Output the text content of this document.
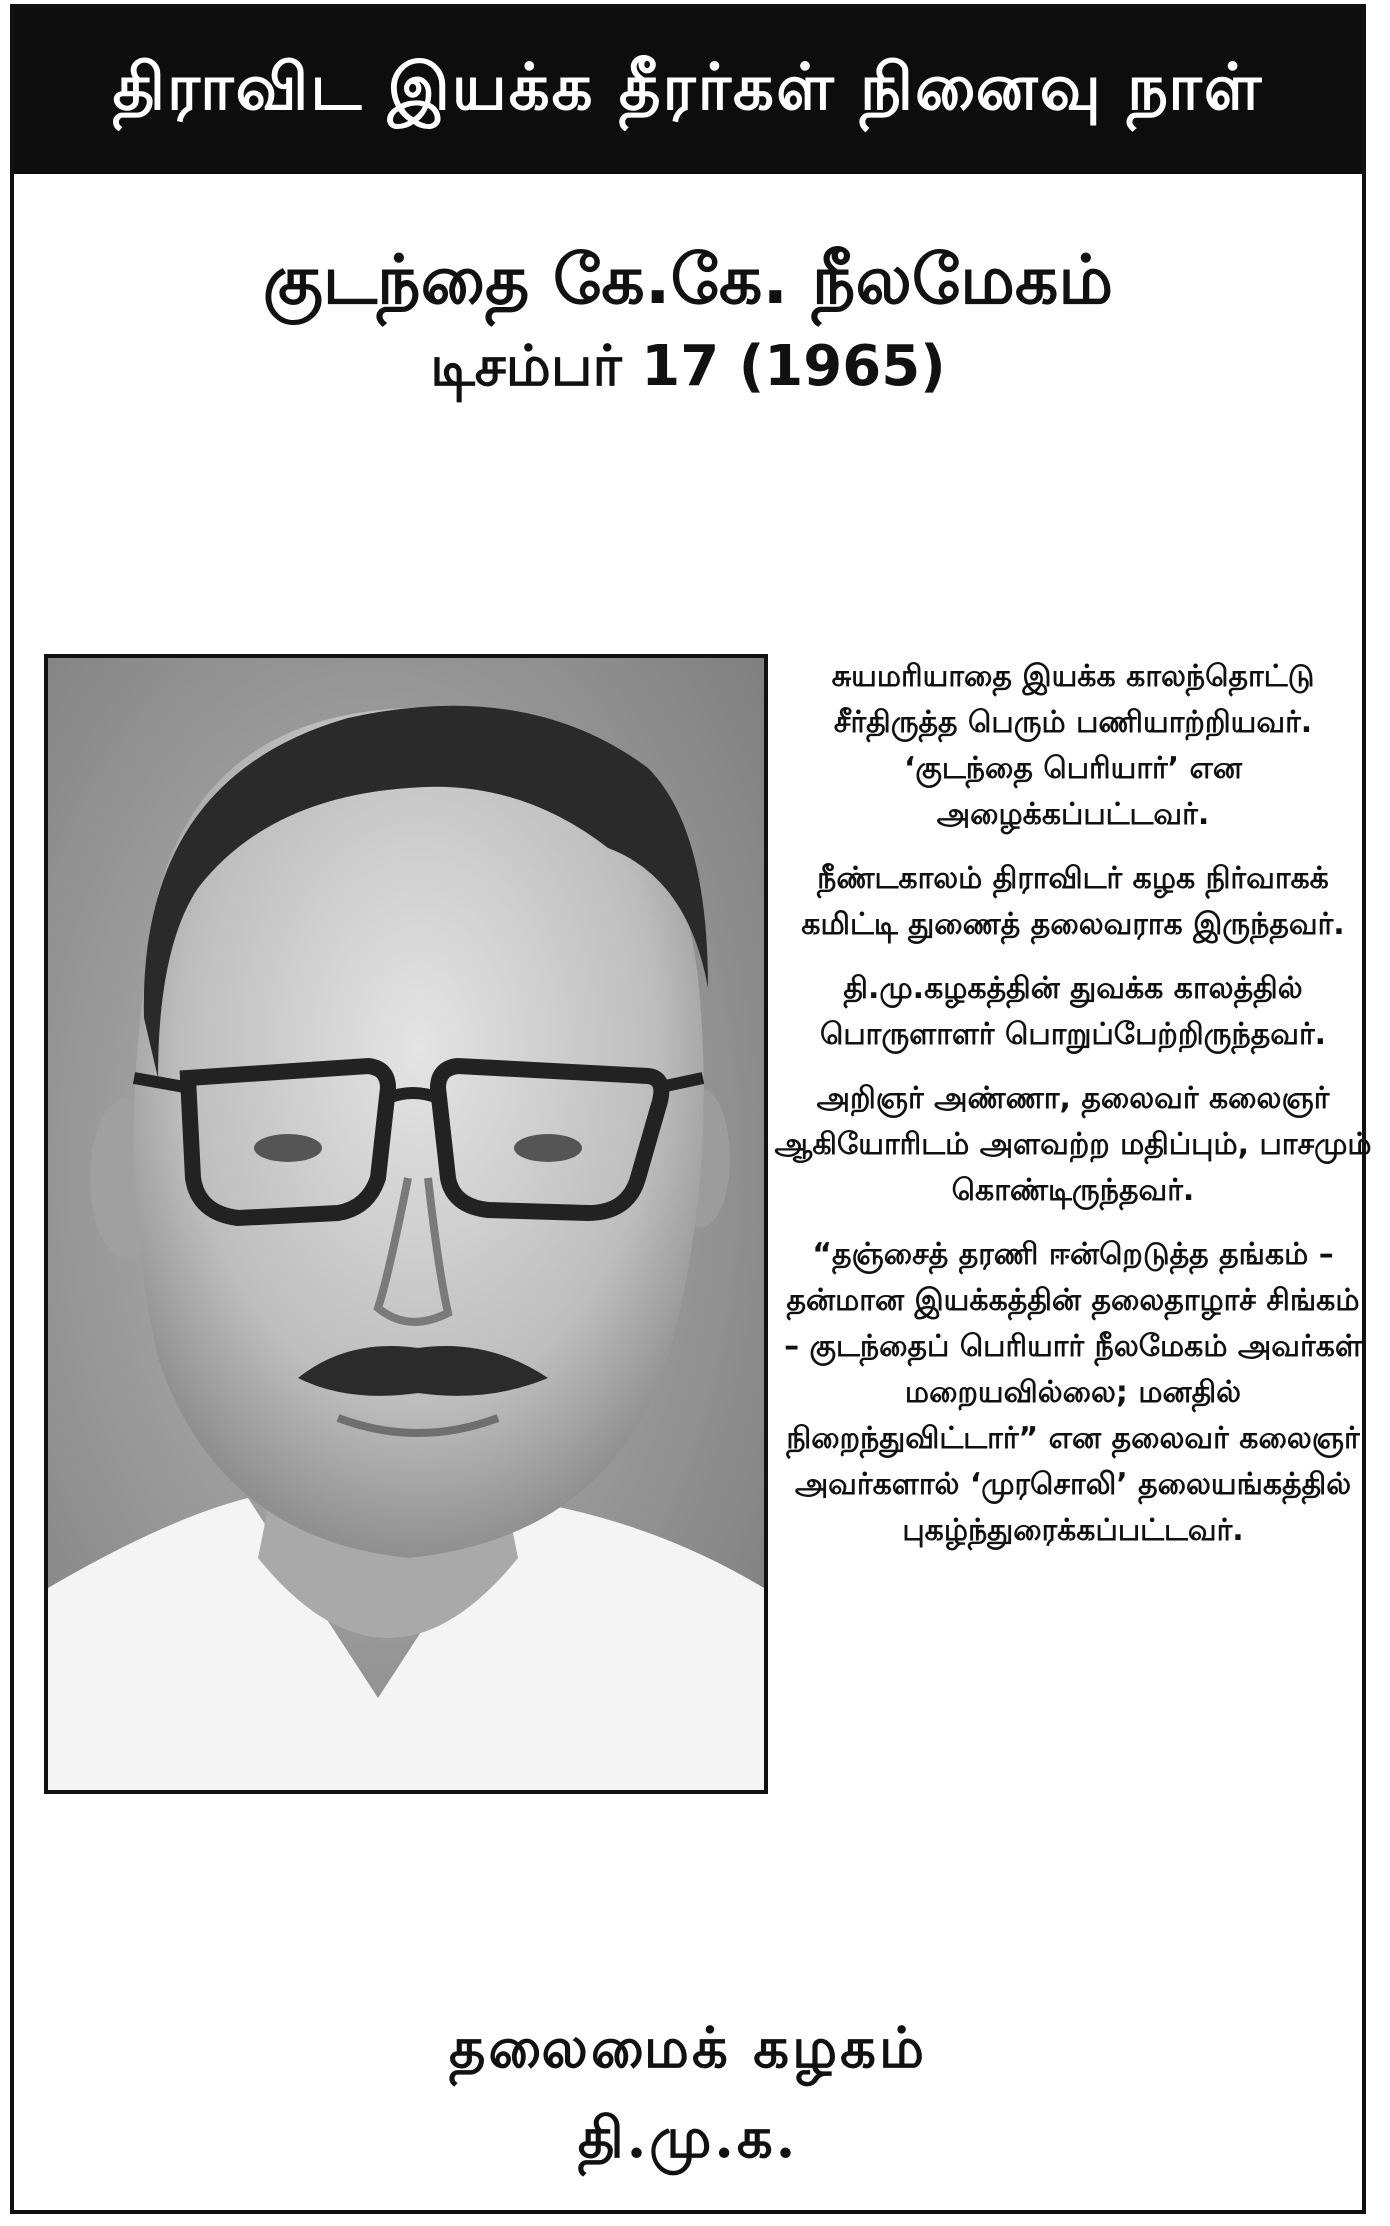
திராவிட இயக்க தீரர்கள் நினைவு நாள்
குடந்தை கே.கே. நீலமேகம்
டிசம்பர் 17 (1965)

சுயமரியாதை இயக்க காலந்தொட்டு சீர்திருத்த பெரும் பணியாற்றியவர். ‘குடந்தை பெரியார்’ என அழைக்கப்பட்டவர்.

நீண்டகாலம் திராவிடர் கழக நிர்வாகக் கமிட்டி துணைத் தலைவராக இருந்தவர்.

தி.மு.கழகத்தின் துவக்க காலத்தில் பொருளாளர் பொறுப்பேற்றிருந்தவர்.

அறிஞர் அண்ணா, தலைவர் கலைஞர் ஆகியோரிடம் அளவற்ற மதிப்பும், பாசமும் கொண்டிருந்தவர்.

“தஞ்சைத் தரணி ஈன்றெடுத்த தங்கம் – தன்மான இயக்கத்தின் தலைதாழாச் சிங்கம் – குடந்தைப் பெரியார் நீலமேகம் அவர்கள் மறையவில்லை; மனதில் நிறைந்துவிட்டார்” என தலைவர் கலைஞர் அவர்களால் ‘முரசொலி’ தலையங்கத்தில் புகழ்ந்துரைக்கப்பட்டவர்.

தலைமைக் கழகம்
தி.மு.க.
